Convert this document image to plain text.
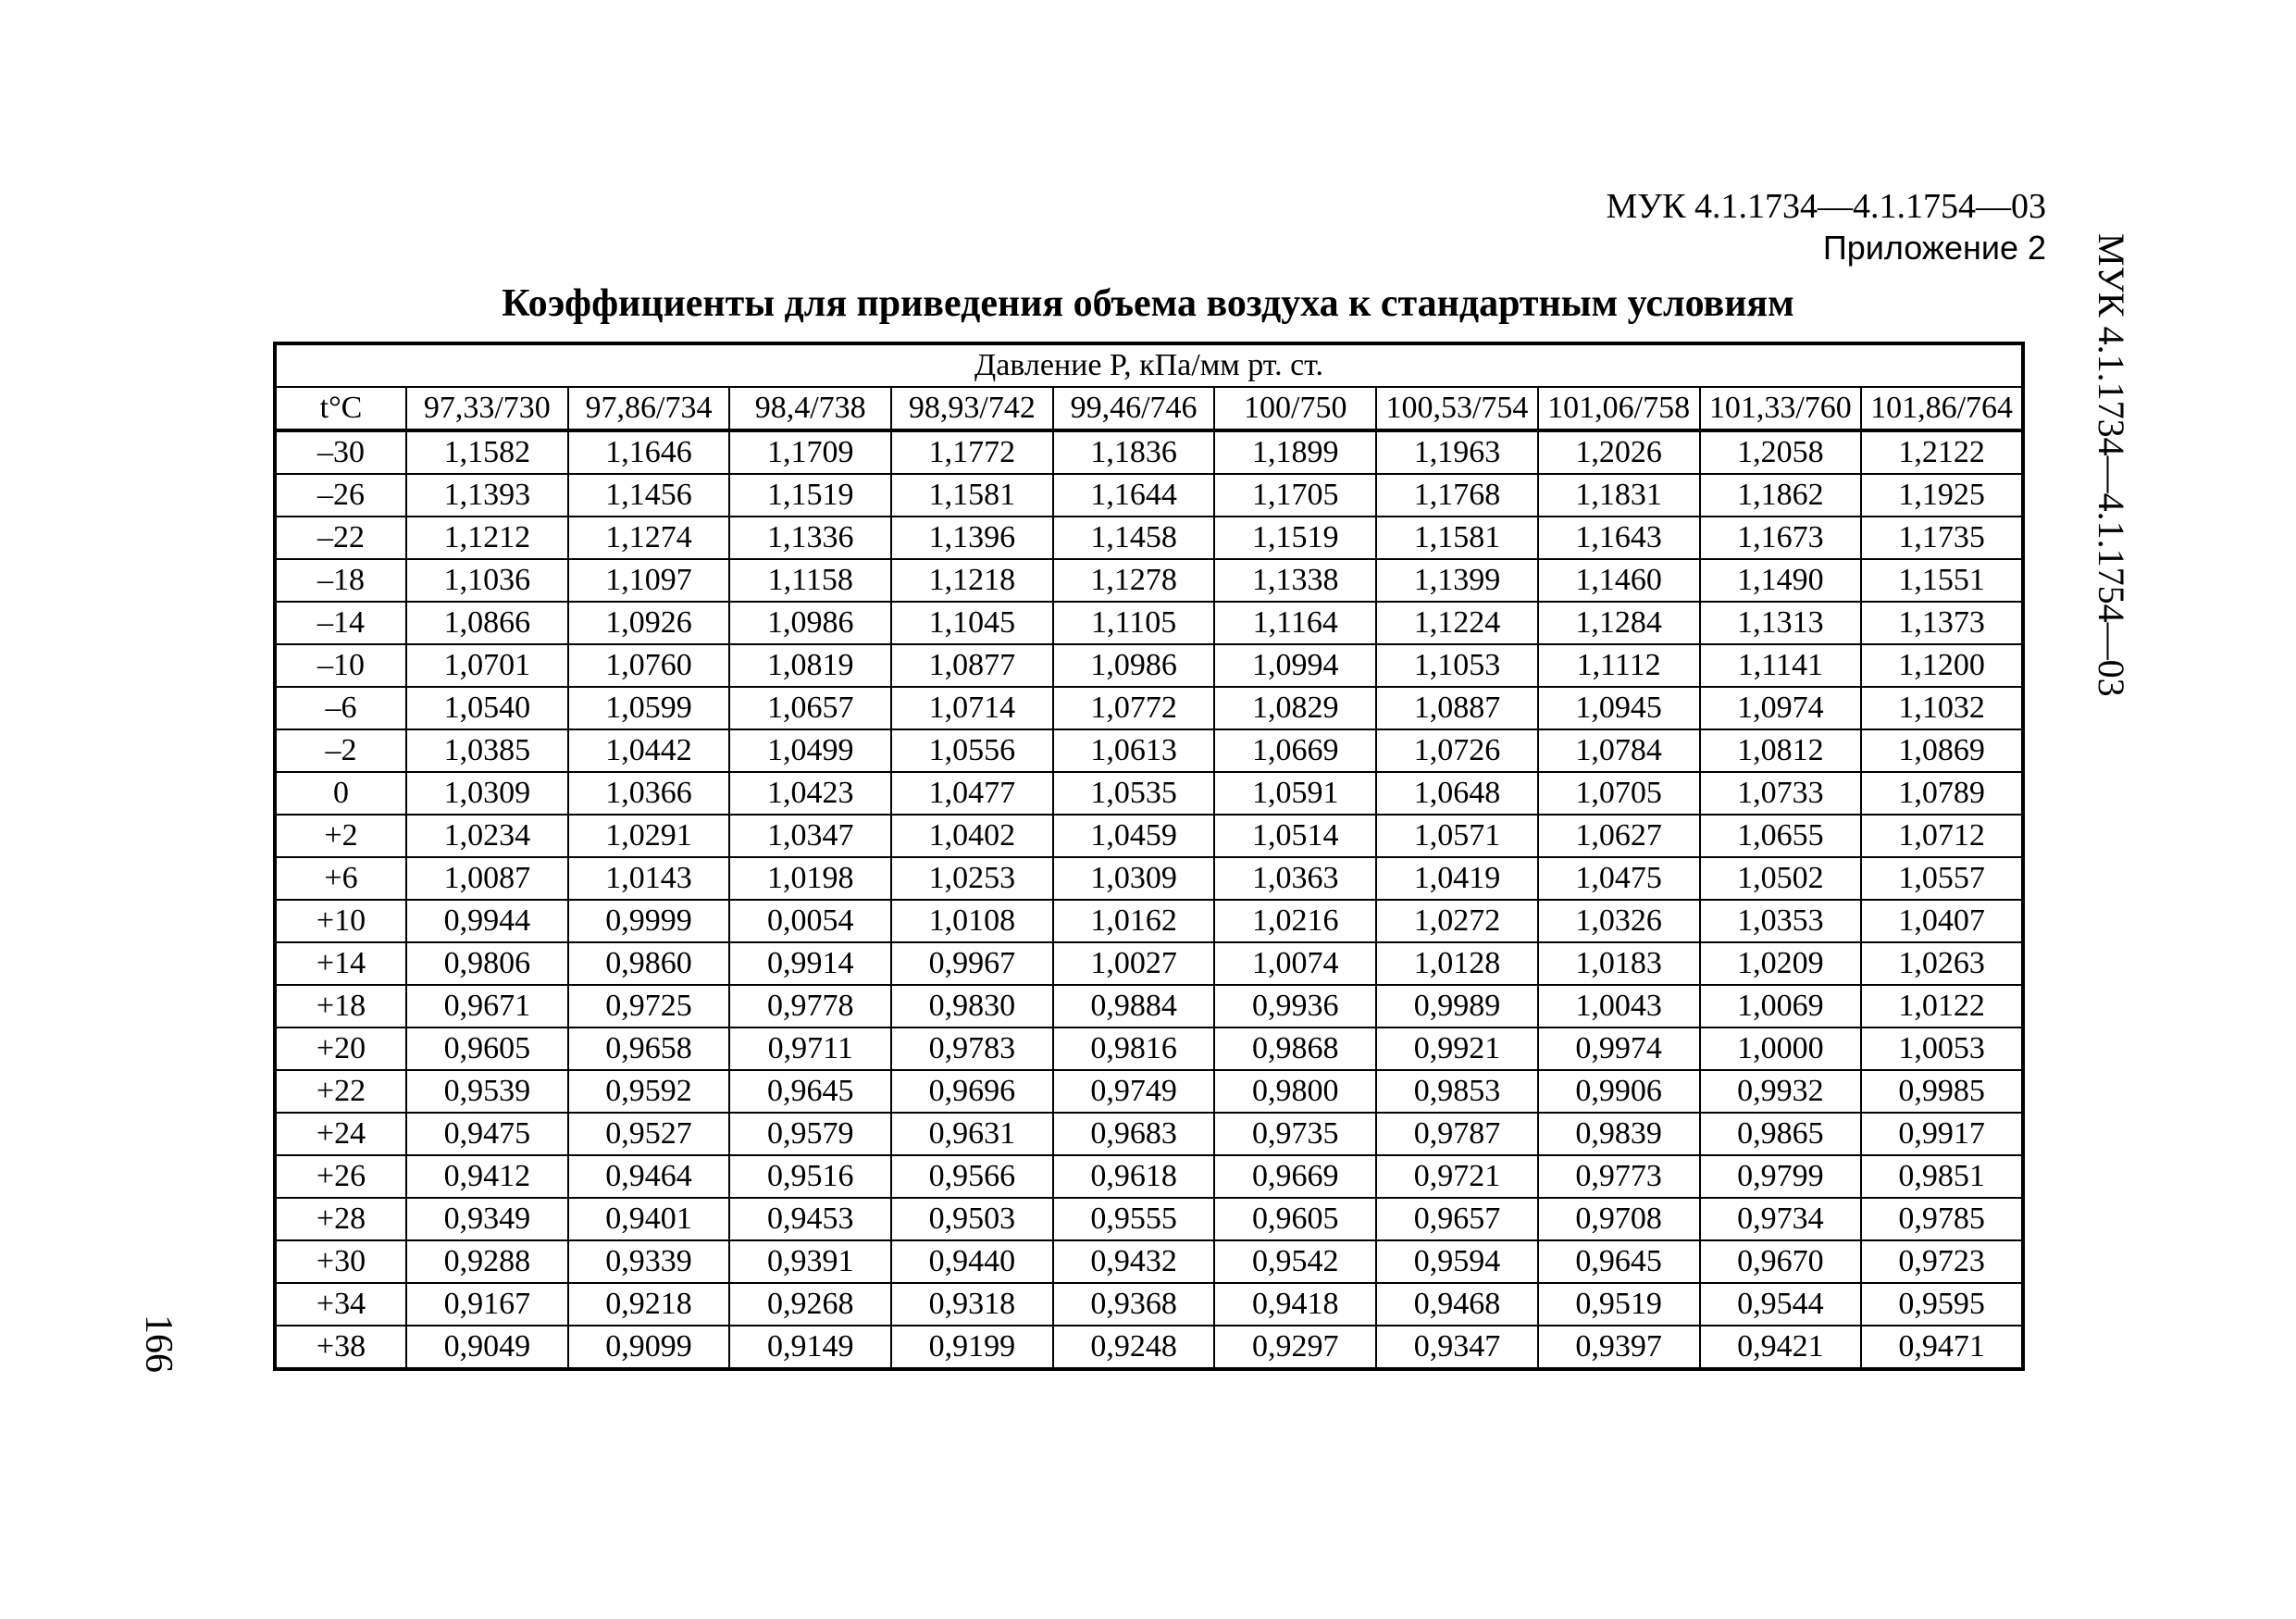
МУК 4.1.1734—4.1.1754—03
Приложение 2
Коэффициенты для приведения объема воздуха к стандартным условиям	МУК 4.1.1734—4.1.1754—03
166
Давление P, кПа/мм рт. ст.										
t°C	97,33/730	97,86/734	98,4/738	98,93/742	99,46/746	100/750	100,53/754	101,06/758	101,33/760	101,86/764
–30	1,1582	1,1646	1,1709	1,1772	1,1836	1,1899	1,1963	1,2026	1,2058	1,2122
–26	1,1393	1,1456	1,1519	1,1581	1,1644	1,1705	1,1768	1,1831	1,1862	1,1925
–22	1,1212	1,1274	1,1336	1,1396	1,1458	1,1519	1,1581	1,1643	1,1673	1,1735
–18	1,1036	1,1097	1,1158	1,1218	1,1278	1,1338	1,1399	1,1460	1,1490	1,1551
–14	1,0866	1,0926	1,0986	1,1045	1,1105	1,1164	1,1224	1,1284	1,1313	1,1373
–10	1,0701	1,0760	1,0819	1,0877	1,0986	1,0994	1,1053	1,1112	1,1141	1,1200
–6	1,0540	1,0599	1,0657	1,0714	1,0772	1,0829	1,0887	1,0945	1,0974	1,1032
–2	1,0385	1,0442	1,0499	1,0556	1,0613	1,0669	1,0726	1,0784	1,0812	1,0869
0	1,0309	1,0366	1,0423	1,0477	1,0535	1,0591	1,0648	1,0705	1,0733	1,0789
+2	1,0234	1,0291	1,0347	1,0402	1,0459	1,0514	1,0571	1,0627	1,0655	1,0712
+6	1,0087	1,0143	1,0198	1,0253	1,0309	1,0363	1,0419	1,0475	1,0502	1,0557
+10	0,9944	0,9999	0,0054	1,0108	1,0162	1,0216	1,0272	1,0326	1,0353	1,0407
+14	0,9806	0,9860	0,9914	0,9967	1,0027	1,0074	1,0128	1,0183	1,0209	1,0263
+18	0,9671	0,9725	0,9778	0,9830	0,9884	0,9936	0,9989	1,0043	1,0069	1,0122
+20	0,9605	0,9658	0,9711	0,9783	0,9816	0,9868	0,9921	0,9974	1,0000	1,0053
+22	0,9539	0,9592	0,9645	0,9696	0,9749	0,9800	0,9853	0,9906	0,9932	0,9985
+24	0,9475	0,9527	0,9579	0,9631	0,9683	0,9735	0,9787	0,9839	0,9865	0,9917
+26	0,9412	0,9464	0,9516	0,9566	0,9618	0,9669	0,9721	0,9773	0,9799	0,9851
+28	0,9349	0,9401	0,9453	0,9503	0,9555	0,9605	0,9657	0,9708	0,9734	0,9785
+30	0,9288	0,9339	0,9391	0,9440	0,9432	0,9542	0,9594	0,9645	0,9670	0,9723
+34	0,9167	0,9218	0,9268	0,9318	0,9368	0,9418	0,9468	0,9519	0,9544	0,9595
+38	0,9049	0,9099	0,9149	0,9199	0,9248	0,9297	0,9347	0,9397	0,9421	0,9471
